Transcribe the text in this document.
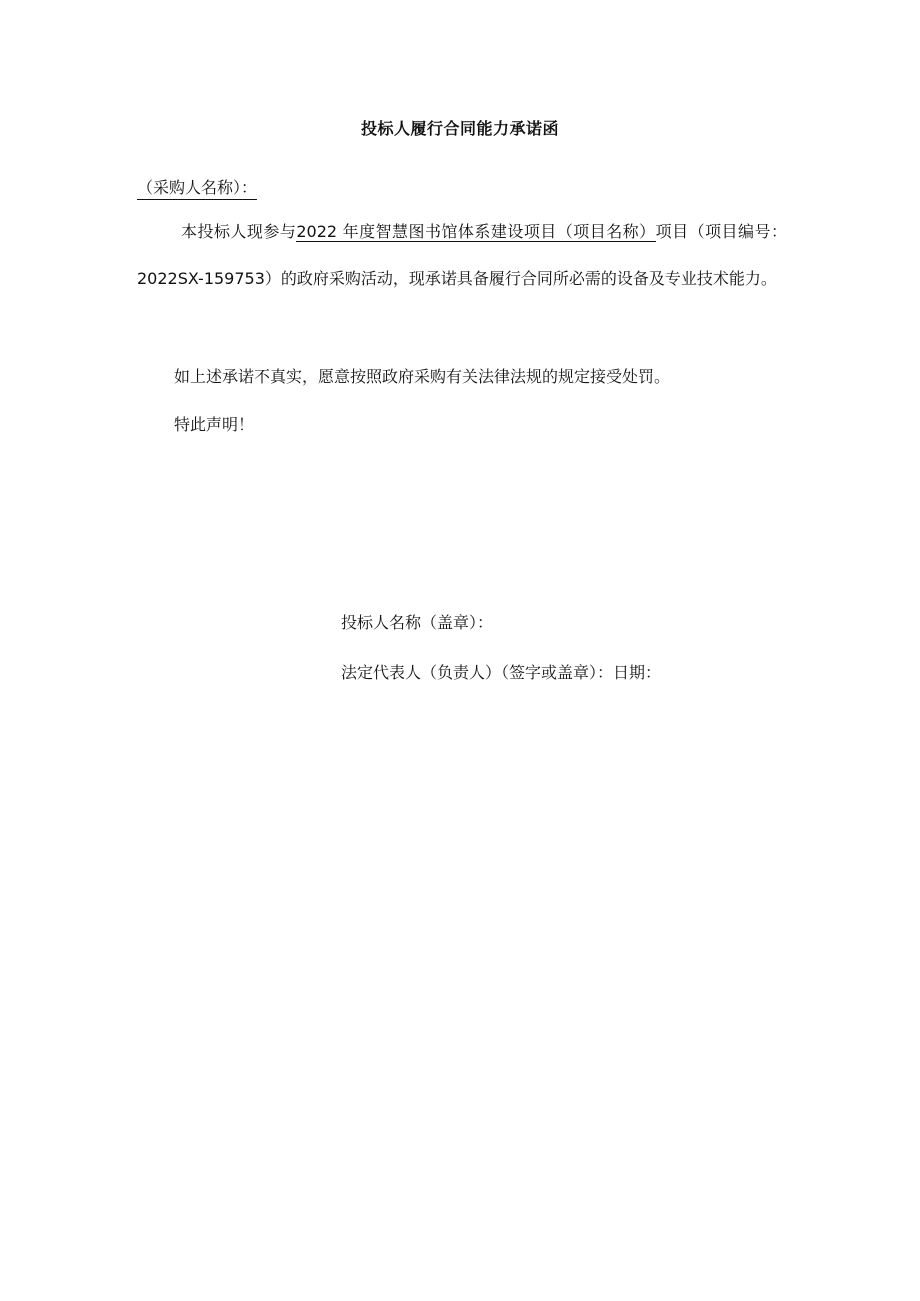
投标人履行合同能力承诺函
（采购人名称）：
本投标人现参与2022 年度智慧图书馆体系建设项目（项目名称）项目（项目编号：2022SX-159753）的政府采购活动，现承诺具备履行合同所必需的设备及专业技术能力。
如上述承诺不真实，愿意按照政府采购有关法律法规的规定接受处罚。
特此声明！
投标人名称（盖章）：
法定代表人（负责人）（签字或盖章）：日期：
